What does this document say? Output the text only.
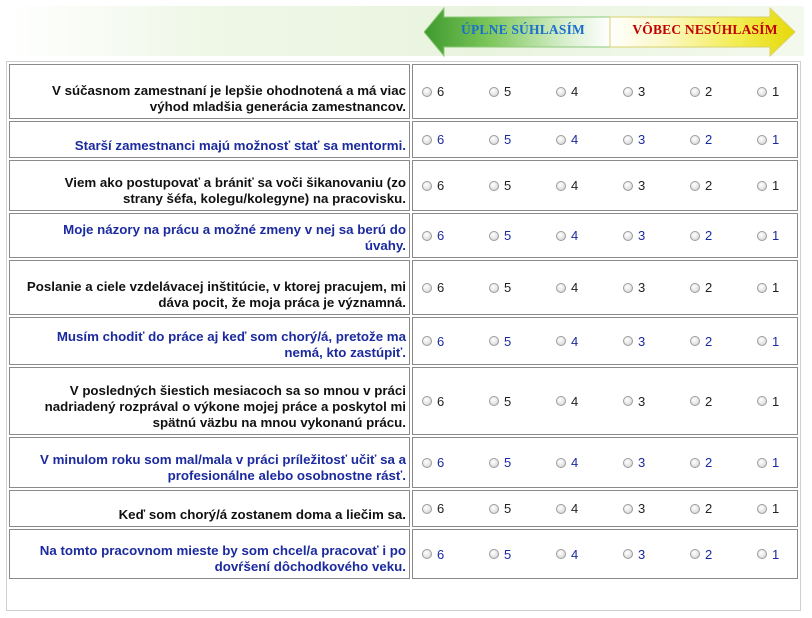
ÚPLNE SÚHLASÍM	VÔBEC NESÚHLASÍM
V súčasnom zamestnaní je lepšie ohodnotená a má viac výhod mladšia generácia zamestnancov.
6	5	4	3	2	1
Starší zamestnanci majú možnosť stať sa mentormi.	6	5	4	3	2	1
Viem ako postupovať a brániť sa voči šikanovaniu (zo strany šéfa, kolegu/kolegyne) na pracovisku.
6	5	4	3	2	1
Moje názory na prácu a možné zmeny v nej sa berú do úvahy.
6	5	4	3	2	1
Poslanie a ciele vzdelávacej inštitúcie, v ktorej pracujem, mi dáva pocit, že moja práca je významná.
6	5	4	3	2	1
Musím chodiť do práce aj keď som chorý/á, pretože ma nemá, kto zastúpiť.
6	5	4	3	2	1
V posledných šiestich mesiacoch sa so mnou v práci nadriadený rozprával o výkone mojej práce a poskytol mi spätnú väzbu na mnou vykonanú prácu.
6	5	4	3	2	1
V minulom roku som mal/mala v práci príležitosť učiť sa a profesionálne alebo osobnostne rásť.
6	5	4	3	2	1
Keď som chorý/á zostanem doma a liečim sa.	6	5	4	3	2	1
Na tomto pracovnom mieste by som chcel/a pracovať i po dovŕšení dôchodkového veku.
6	5	4	3	2	1
